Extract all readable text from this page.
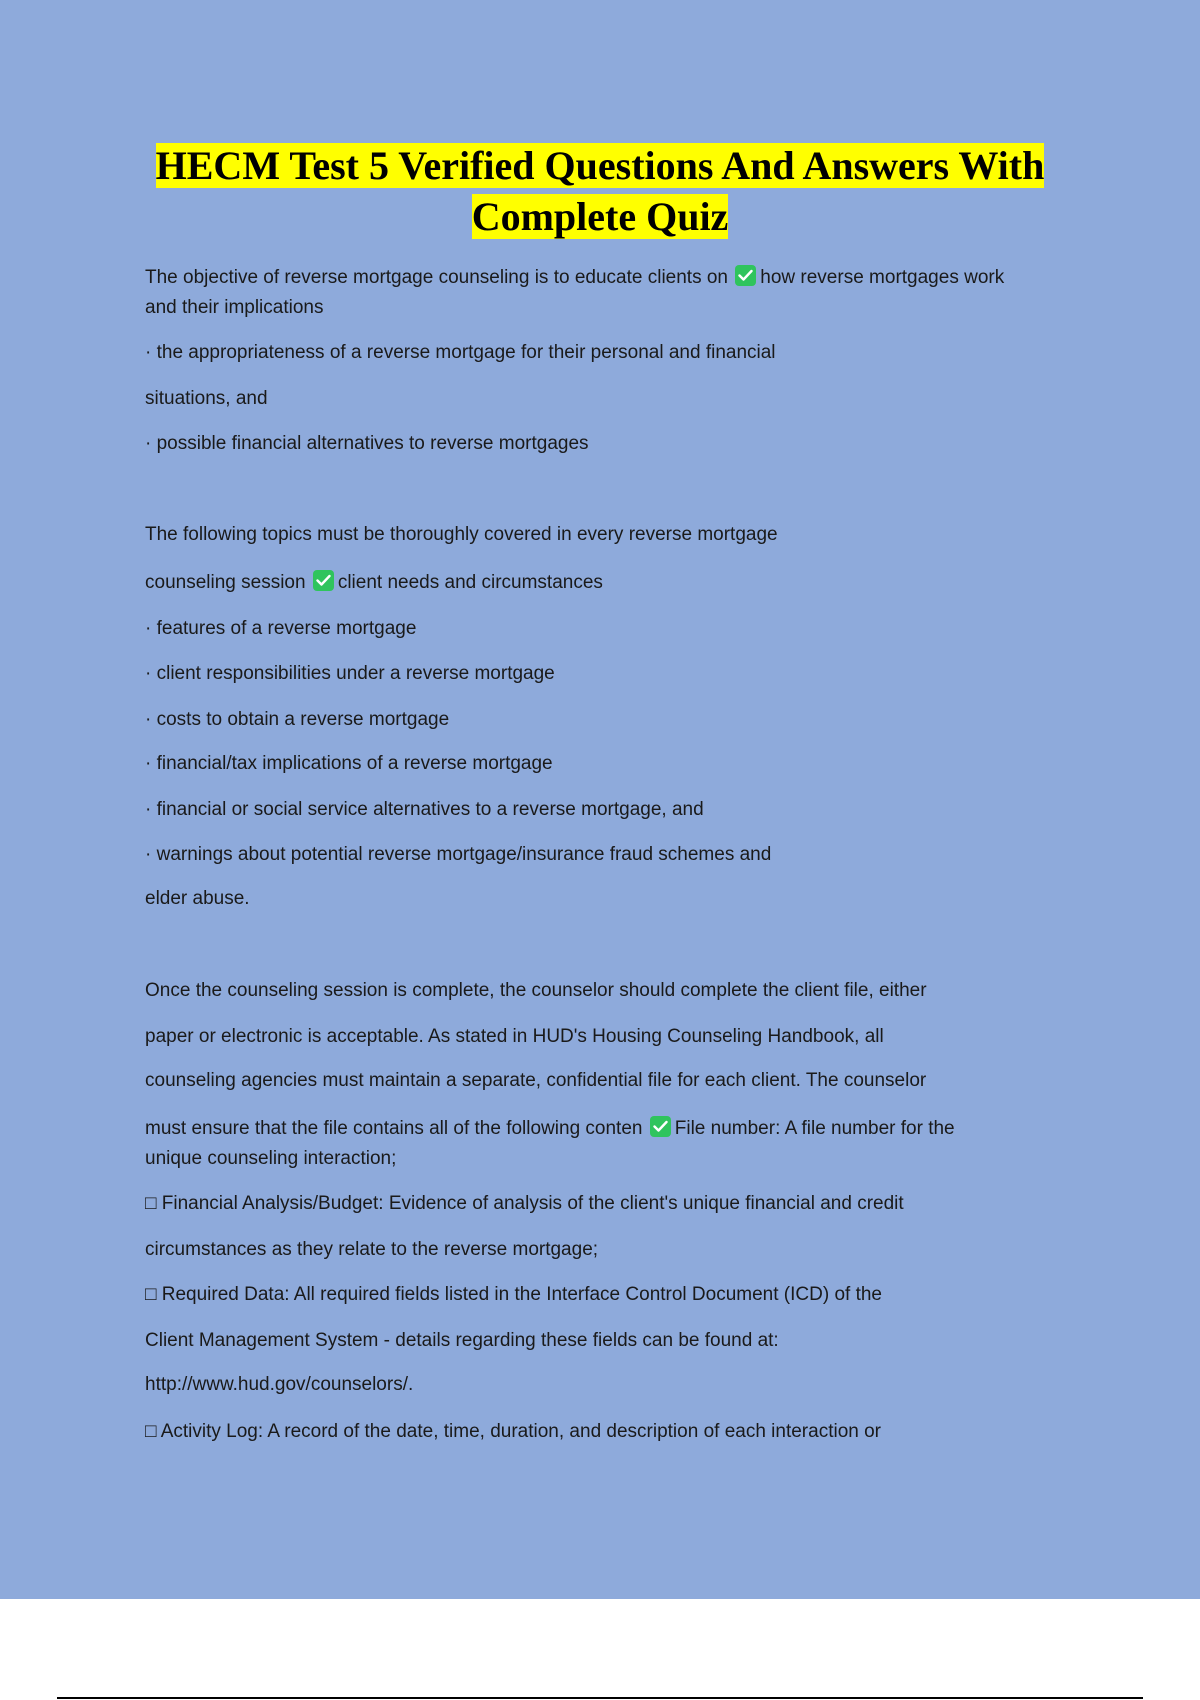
HECM Test 5 Verified Questions And Answers With
Complete Quiz
The objective of reverse mortgage counseling is to educate clients on how reverse mortgages work
and their implications
· the appropriateness of a reverse mortgage for their personal and financial
situations, and
· possible financial alternatives to reverse mortgages
The following topics must be thoroughly covered in every reverse mortgage
counseling session client needs and circumstances
· features of a reverse mortgage
· client responsibilities under a reverse mortgage
· costs to obtain a reverse mortgage
· financial/tax implications of a reverse mortgage
· financial or social service alternatives to a reverse mortgage, and
· warnings about potential reverse mortgage/insurance fraud schemes and
elder abuse.
Once the counseling session is complete, the counselor should complete the client file, either
paper or electronic is acceptable. As stated in HUD's Housing Counseling Handbook, all
counseling agencies must maintain a separate, confidential file for each client. The counselor
must ensure that the file contains all of the following conten File number: A file number for the
unique counseling interaction;
□ Financial Analysis/Budget: Evidence of analysis of the client's unique financial and credit
circumstances as they relate to the reverse mortgage;
□ Required Data: All required fields listed in the Interface Control Document (ICD) of the
Client Management System - details regarding these fields can be found at:
http://www.hud.gov/counselors/.
□ Activity Log: A record of the date, time, duration, and description of each interaction or
